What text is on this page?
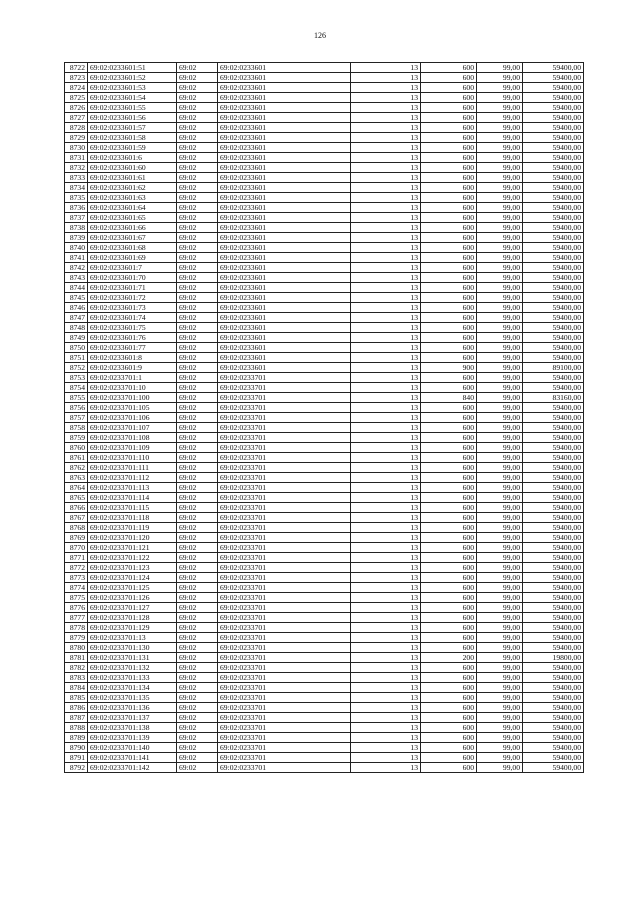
126
8722	69:02:0233601:51	69:02	69:02:0233601	13	600	99,00	59400,00
8723	69:02:0233601:52	69:02	69:02:0233601	13	600	99,00	59400,00
8724	69:02:0233601:53	69:02	69:02:0233601	13	600	99,00	59400,00
8725	69:02:0233601:54	69:02	69:02:0233601	13	600	99,00	59400,00
8726	69:02:0233601:55	69:02	69:02:0233601	13	600	99,00	59400,00
8727	69:02:0233601:56	69:02	69:02:0233601	13	600	99,00	59400,00
8728	69:02:0233601:57	69:02	69:02:0233601	13	600	99,00	59400,00
8729	69:02:0233601:58	69:02	69:02:0233601	13	600	99,00	59400,00
8730	69:02:0233601:59	69:02	69:02:0233601	13	600	99,00	59400,00
8731	69:02:0233601:6	69:02	69:02:0233601	13	600	99,00	59400,00
8732	69:02:0233601:60	69:02	69:02:0233601	13	600	99,00	59400,00
8733	69:02:0233601:61	69:02	69:02:0233601	13	600	99,00	59400,00
8734	69:02:0233601:62	69:02	69:02:0233601	13	600	99,00	59400,00
8735	69:02:0233601:63	69:02	69:02:0233601	13	600	99,00	59400,00
8736	69:02:0233601:64	69:02	69:02:0233601	13	600	99,00	59400,00
8737	69:02:0233601:65	69:02	69:02:0233601	13	600	99,00	59400,00
8738	69:02:0233601:66	69:02	69:02:0233601	13	600	99,00	59400,00
8739	69:02:0233601:67	69:02	69:02:0233601	13	600	99,00	59400,00
8740	69:02:0233601:68	69:02	69:02:0233601	13	600	99,00	59400,00
8741	69:02:0233601:69	69:02	69:02:0233601	13	600	99,00	59400,00
8742	69:02:0233601:7	69:02	69:02:0233601	13	600	99,00	59400,00
8743	69:02:0233601:70	69:02	69:02:0233601	13	600	99,00	59400,00
8744	69:02:0233601:71	69:02	69:02:0233601	13	600	99,00	59400,00
8745	69:02:0233601:72	69:02	69:02:0233601	13	600	99,00	59400,00
8746	69:02:0233601:73	69:02	69:02:0233601	13	600	99,00	59400,00
8747	69:02:0233601:74	69:02	69:02:0233601	13	600	99,00	59400,00
8748	69:02:0233601:75	69:02	69:02:0233601	13	600	99,00	59400,00
8749	69:02:0233601:76	69:02	69:02:0233601	13	600	99,00	59400,00
8750	69:02:0233601:77	69:02	69:02:0233601	13	600	99,00	59400,00
8751	69:02:0233601:8	69:02	69:02:0233601	13	600	99,00	59400,00
8752	69:02:0233601:9	69:02	69:02:0233601	13	900	99,00	89100,00
8753	69:02:0233701:1	69:02	69:02:0233701	13	600	99,00	59400,00
8754	69:02:0233701:10	69:02	69:02:0233701	13	600	99,00	59400,00
8755	69:02:0233701:100	69:02	69:02:0233701	13	840	99,00	83160,00
8756	69:02:0233701:105	69:02	69:02:0233701	13	600	99,00	59400,00
8757	69:02:0233701:106	69:02	69:02:0233701	13	600	99,00	59400,00
8758	69:02:0233701:107	69:02	69:02:0233701	13	600	99,00	59400,00
8759	69:02:0233701:108	69:02	69:02:0233701	13	600	99,00	59400,00
8760	69:02:0233701:109	69:02	69:02:0233701	13	600	99,00	59400,00
8761	69:02:0233701:110	69:02	69:02:0233701	13	600	99,00	59400,00
8762	69:02:0233701:111	69:02	69:02:0233701	13	600	99,00	59400,00
8763	69:02:0233701:112	69:02	69:02:0233701	13	600	99,00	59400,00
8764	69:02:0233701:113	69:02	69:02:0233701	13	600	99,00	59400,00
8765	69:02:0233701:114	69:02	69:02:0233701	13	600	99,00	59400,00
8766	69:02:0233701:115	69:02	69:02:0233701	13	600	99,00	59400,00
8767	69:02:0233701:118	69:02	69:02:0233701	13	600	99,00	59400,00
8768	69:02:0233701:119	69:02	69:02:0233701	13	600	99,00	59400,00
8769	69:02:0233701:120	69:02	69:02:0233701	13	600	99,00	59400,00
8770	69:02:0233701:121	69:02	69:02:0233701	13	600	99,00	59400,00
8771	69:02:0233701:122	69:02	69:02:0233701	13	600	99,00	59400,00
8772	69:02:0233701:123	69:02	69:02:0233701	13	600	99,00	59400,00
8773	69:02:0233701:124	69:02	69:02:0233701	13	600	99,00	59400,00
8774	69:02:0233701:125	69:02	69:02:0233701	13	600	99,00	59400,00
8775	69:02:0233701:126	69:02	69:02:0233701	13	600	99,00	59400,00
8776	69:02:0233701:127	69:02	69:02:0233701	13	600	99,00	59400,00
8777	69:02:0233701:128	69:02	69:02:0233701	13	600	99,00	59400,00
8778	69:02:0233701:129	69:02	69:02:0233701	13	600	99,00	59400,00
8779	69:02:0233701:13	69:02	69:02:0233701	13	600	99,00	59400,00
8780	69:02:0233701:130	69:02	69:02:0233701	13	600	99,00	59400,00
8781	69:02:0233701:131	69:02	69:02:0233701	13	200	99,00	19800,00
8782	69:02:0233701:132	69:02	69:02:0233701	13	600	99,00	59400,00
8783	69:02:0233701:133	69:02	69:02:0233701	13	600	99,00	59400,00
8784	69:02:0233701:134	69:02	69:02:0233701	13	600	99,00	59400,00
8785	69:02:0233701:135	69:02	69:02:0233701	13	600	99,00	59400,00
8786	69:02:0233701:136	69:02	69:02:0233701	13	600	99,00	59400,00
8787	69:02:0233701:137	69:02	69:02:0233701	13	600	99,00	59400,00
8788	69:02:0233701:138	69:02	69:02:0233701	13	600	99,00	59400,00
8789	69:02:0233701:139	69:02	69:02:0233701	13	600	99,00	59400,00
8790	69:02:0233701:140	69:02	69:02:0233701	13	600	99,00	59400,00
8791	69:02:0233701:141	69:02	69:02:0233701	13	600	99,00	59400,00
8792	69:02:0233701:142	69:02	69:02:0233701	13	600	99,00	59400,00
